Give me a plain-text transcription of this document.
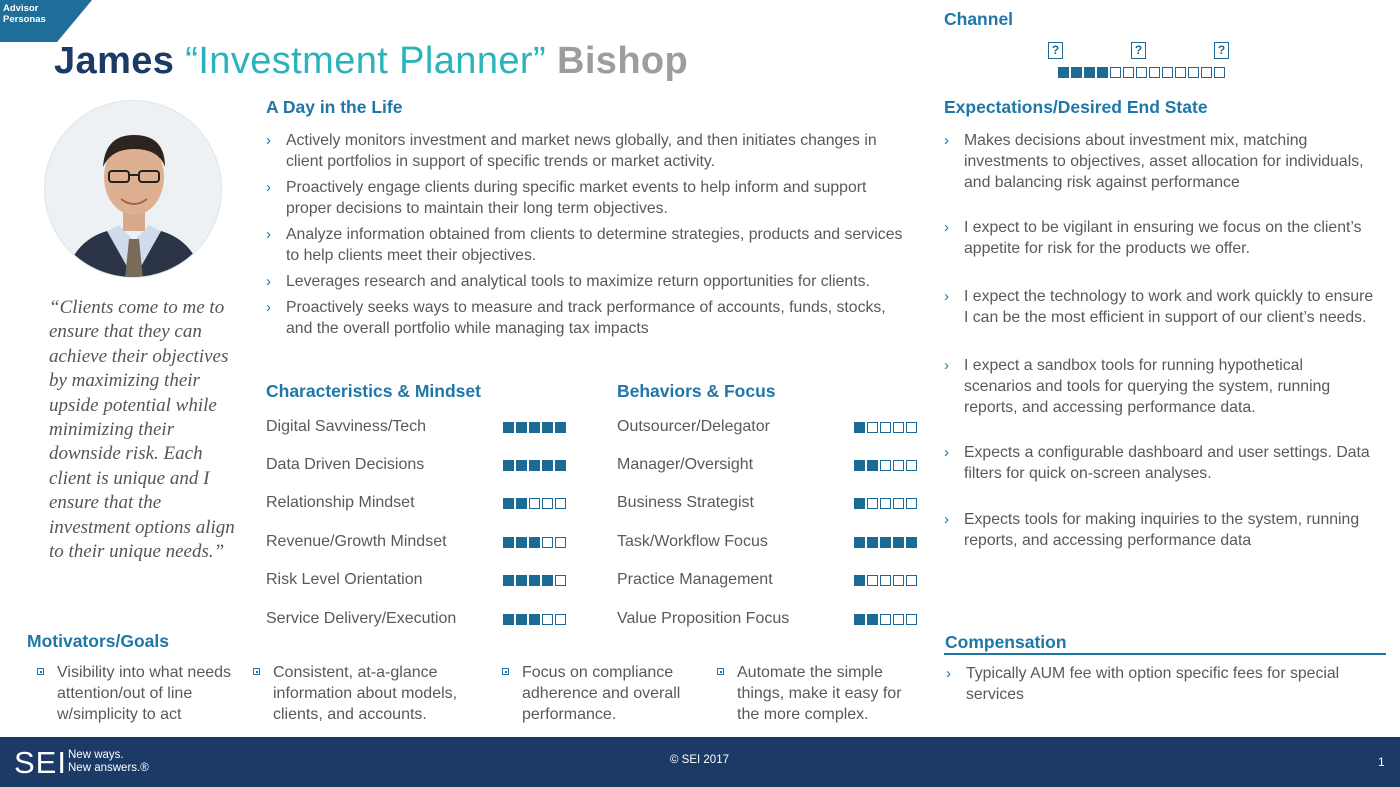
Advisor Personas
James “Investment Planner” Bishop
“Clients come to me to ensure that they can achieve their objectives by maximizing their upside potential while minimizing their downside risk. Each client is unique and I ensure that the investment options align to their unique needs.”
A Day in the Life
› Actively monitors investment and market news globally, and then initiates changes in client portfolios in support of specific trends or market activity.
› Proactively engage clients during specific market events to help inform and support proper decisions to maintain their long term objectives.
› Analyze information obtained from clients to determine strategies, products and services to help clients meet their objectives.
› Leverages research and analytical tools to maximize return opportunities for clients.
› Proactively seeks ways to measure and track performance of accounts, funds, stocks, and the overall portfolio while managing tax impacts
Characteristics & Mindset
Digital Savviness/Tech
Data Driven Decisions
Relationship Mindset
Revenue/Growth Mindset
Risk Level Orientation
Service Delivery/Execution
Behaviors & Focus
Outsourcer/Delegator
Manager/Oversight
Business Strategist
Task/Workflow Focus
Practice Management
Value Proposition Focus
Channel
?	?	?
Expectations/Desired End State
› Makes decisions about investment mix, matching investments to objectives, asset allocation for individuals, and balancing risk against performance
› I expect to be vigilant in ensuring we focus on the client’s appetite for risk for the products we offer.
› I expect the technology to work and work quickly to ensure I can be the most efficient in support of our client’s needs.
› I expect a sandbox tools for running hypothetical scenarios and tools for querying the system, running reports, and accessing performance data.
› Expects a configurable dashboard and user settings. Data filters for quick on-screen analyses.
› Expects tools for making inquiries to the system, running reports, and accessing performance data
Motivators/Goals
Visibility into what needs attention/out of line w/simplicity to act
Consistent, at-a-glance information about models, clients, and accounts.
Focus on compliance adherence and overall performance.
Automate the simple things, make it easy for the more complex.
Compensation
› Typically AUM fee with option specific fees for special services
SEI New ways.
New answers.®
© SEI 2017	1
